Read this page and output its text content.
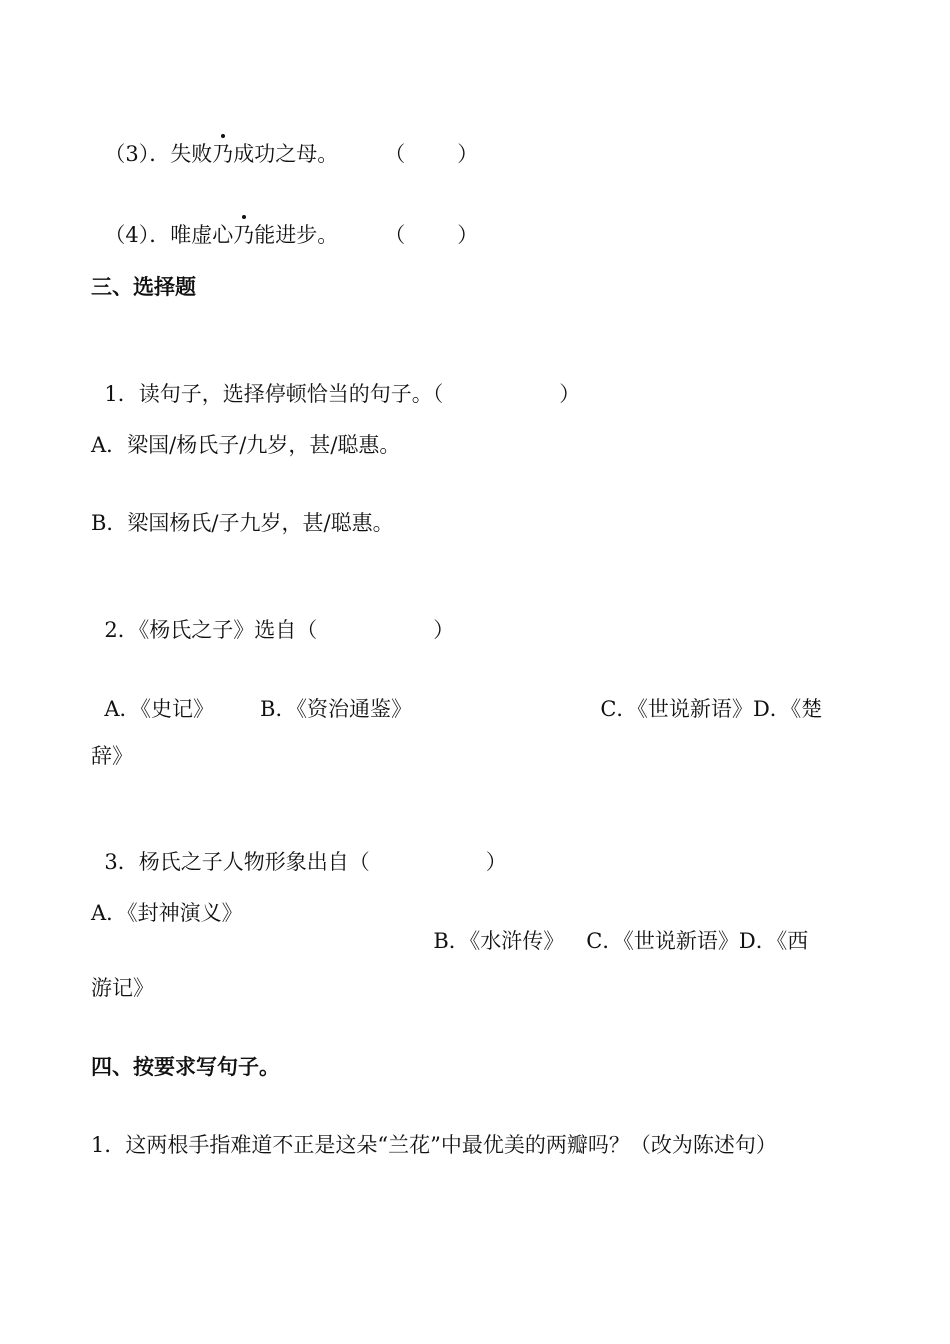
（3）．失败乃成功之母。 （ ）

（4）．唯虚心乃能进步。 （ ）

三、选择题

1．读句子，选择停顿恰当的句子。（	）

A．梁国/杨氏子/九岁，甚/聪惠。
B．梁国杨氏/子九岁，甚/聪惠。

2．《杨氏之子》选自（	）

A．《史记》 B．《资治通鉴》	C．《世说新语》D．《楚

辞》

3．杨氏之子人物形象出自（	）

A．《封神演义》

B．《水浒传》 C．《世说新语》D．《西

游记》
四、按要求写句子。
1．这两根手指难道不正是这朵“兰花”中最优美的两瓣吗？（改为陈述句）
